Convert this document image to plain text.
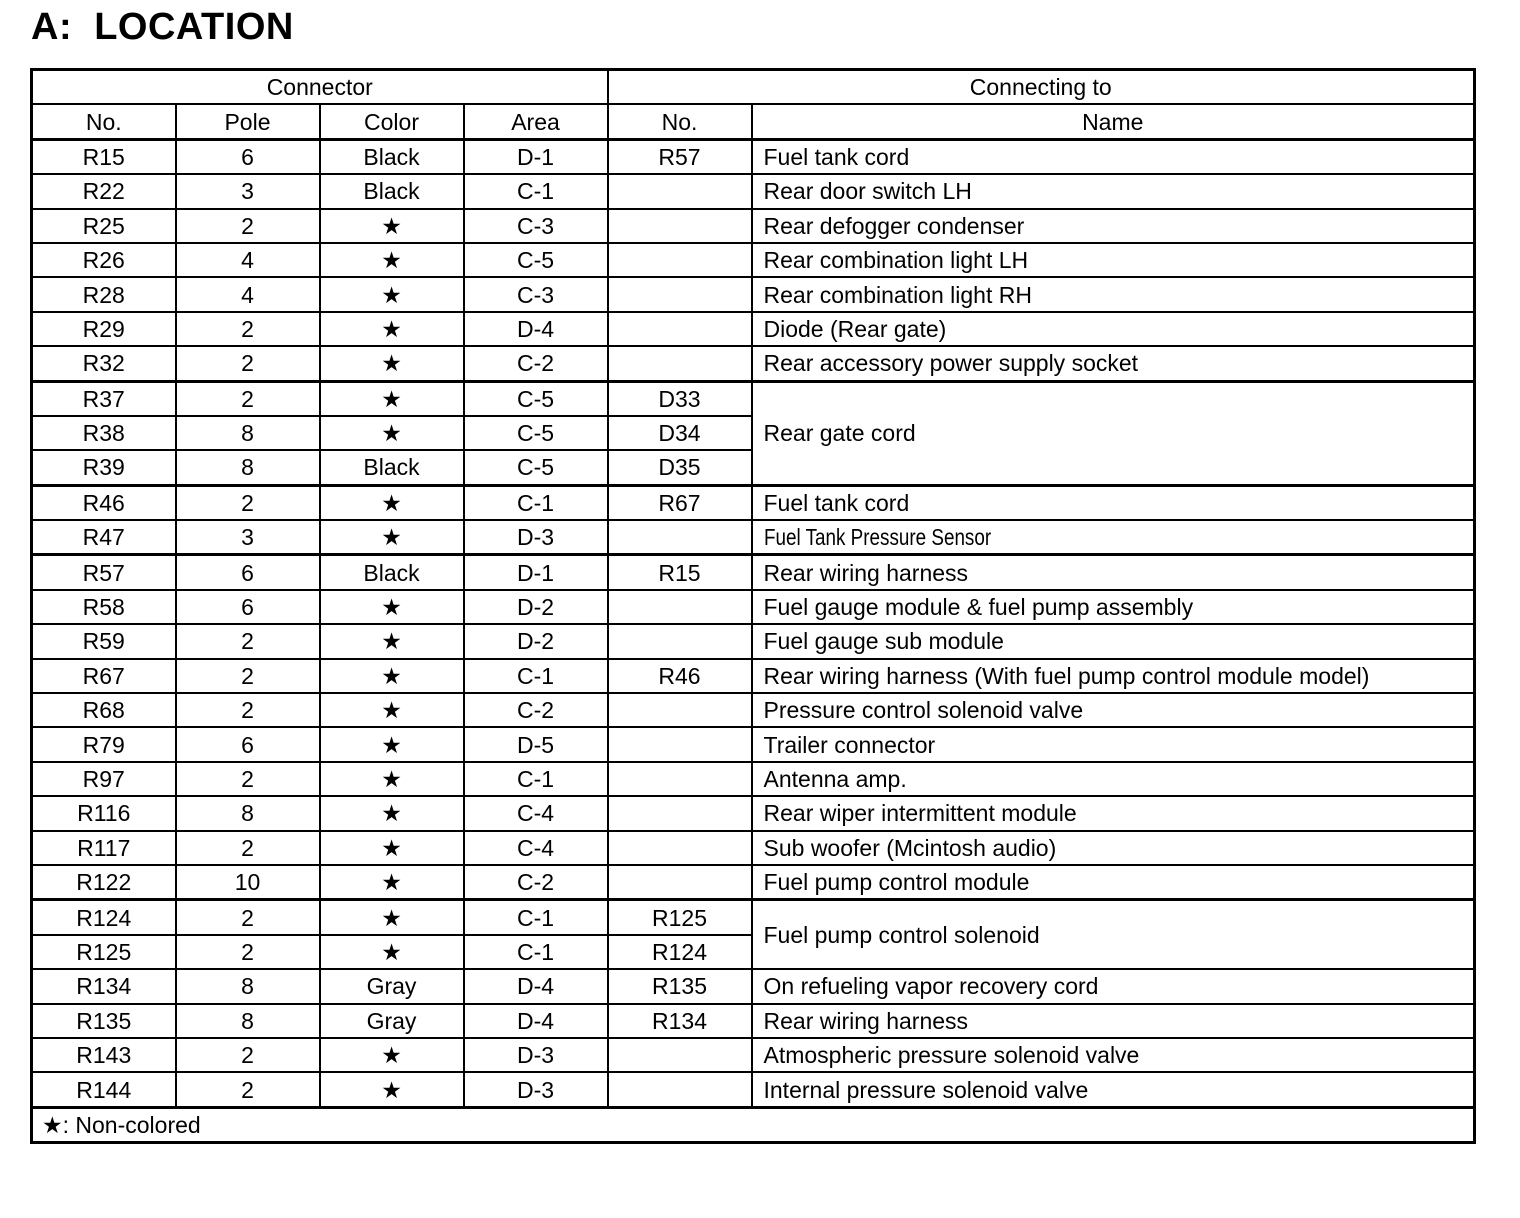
A:  LOCATION
Connector				Connecting to	
No.	Pole	Color	Area	No.	Name
R15	6	Black	D-1	R57	Fuel tank cord
R22	3	Black	C-1		Rear door switch LH
R25	2	★	C-3		Rear defogger condenser
R26	4	★	C-5		Rear combination light LH
R28	4	★	C-3		Rear combination light RH
R29	2	★	D-4		Diode (Rear gate)
R32	2	★	C-2		Rear accessory power supply socket
R37	2	★	C-5	D33	Rear gate cord
R38	8	★	C-5	D34	
R39	8	Black	C-5	D35	
R46	2	★	C-1	R67	Fuel tank cord
R47	3	★	D-3		Fuel Tank Pressure Sensor
R57	6	Black	D-1	R15	Rear wiring harness
R58	6	★	D-2		Fuel gauge module & fuel pump assembly
R59	2	★	D-2		Fuel gauge sub module
R67	2	★	C-1	R46	Rear wiring harness (With fuel pump control module model)
R68	2	★	C-2		Pressure control solenoid valve
R79	6	★	D-5		Trailer connector
R97	2	★	C-1		Antenna amp.
R116	8	★	C-4		Rear wiper intermittent module
R117	2	★	C-4		Sub woofer (Mcintosh audio)
R122	10	★	C-2		Fuel pump control module
R124	2	★	C-1	R125	Fuel pump control solenoid
R125	2	★	C-1	R124	
R134	8	Gray	D-4	R135	On refueling vapor recovery cord
R135	8	Gray	D-4	R134	Rear wiring harness
R143	2	★	D-3		Atmospheric pressure solenoid valve
R144	2	★	D-3		Internal pressure solenoid valve
★: Non-colored					
